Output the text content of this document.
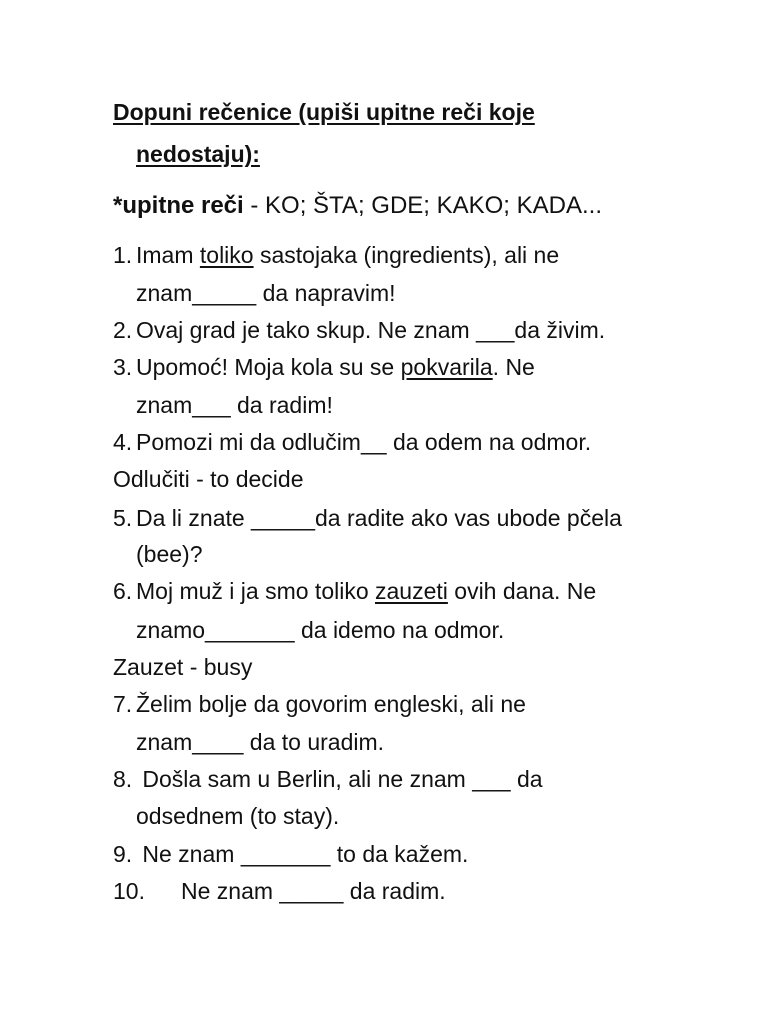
Dopuni rečenice (upiši upitne reči koje
nedostaju):
*upitne reči - KO; ŠTA; GDE; KAKO; KADA...
1. Imam toliko sastojaka (ingredients), ali ne
znam_____ da napravim!
2. Ovaj grad je tako skup. Ne znam ___da živim.
3. Upomoć! Moja kola su se pokvarila. Ne
znam___ da radim!
4. Pomozi mi da odlučim__ da odem na odmor.
Odlučiti - to decide
5. Da li znate _____da radite ako vas ubode pčela
(bee)?
6. Moj muž i ja smo toliko zauzeti ovih dana. Ne
znamo_______ da idemo na odmor.
Zauzet - busy
7. Želim bolje da govorim engleski, ali ne
znam____ da to uradim.
8. Došla sam u Berlin, ali ne znam ___ da
odsednem (to stay).
9. Ne znam _______ to da kažem.
10. Ne znam _____ da radim.
